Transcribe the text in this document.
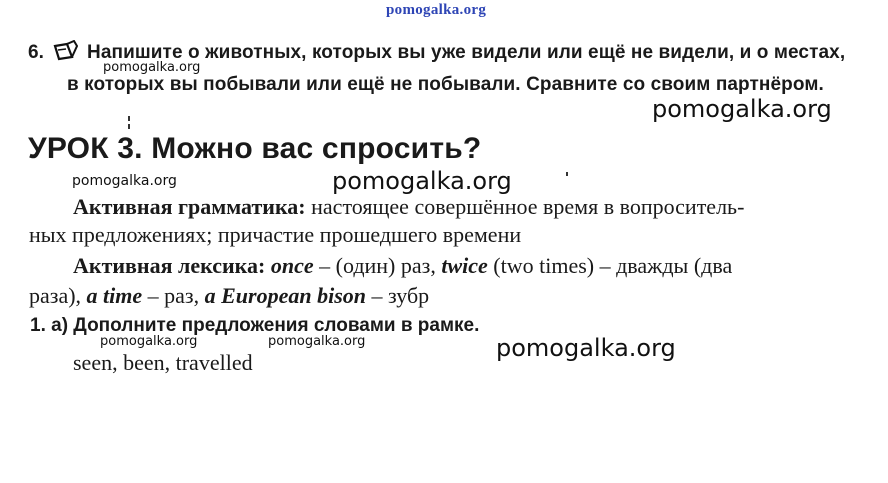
pomogalka.org
6. Напишите о животных, которых вы уже видели или ещё не видели, и о местах,
в которых вы побывали или ещё не побывали. Сравните со своим партнёром.
pomogalka.org
pomogalka.org
УРОК 3. Можно вас спросить?
pomogalka.org	pomogalka.org
Активная грамматика: настоящее совершённое время в вопроситель-
ных предложениях; причастие прошедшего времени
Активная лексика: once – (один) раз, twice (two times) – дважды (два
раза), a time – раз, a European bison – зубр
1. а) Дополните предложения словами в рамке.
pomogalka.org	pomogalka.org	pomogalka.org
seen, been, travelled
